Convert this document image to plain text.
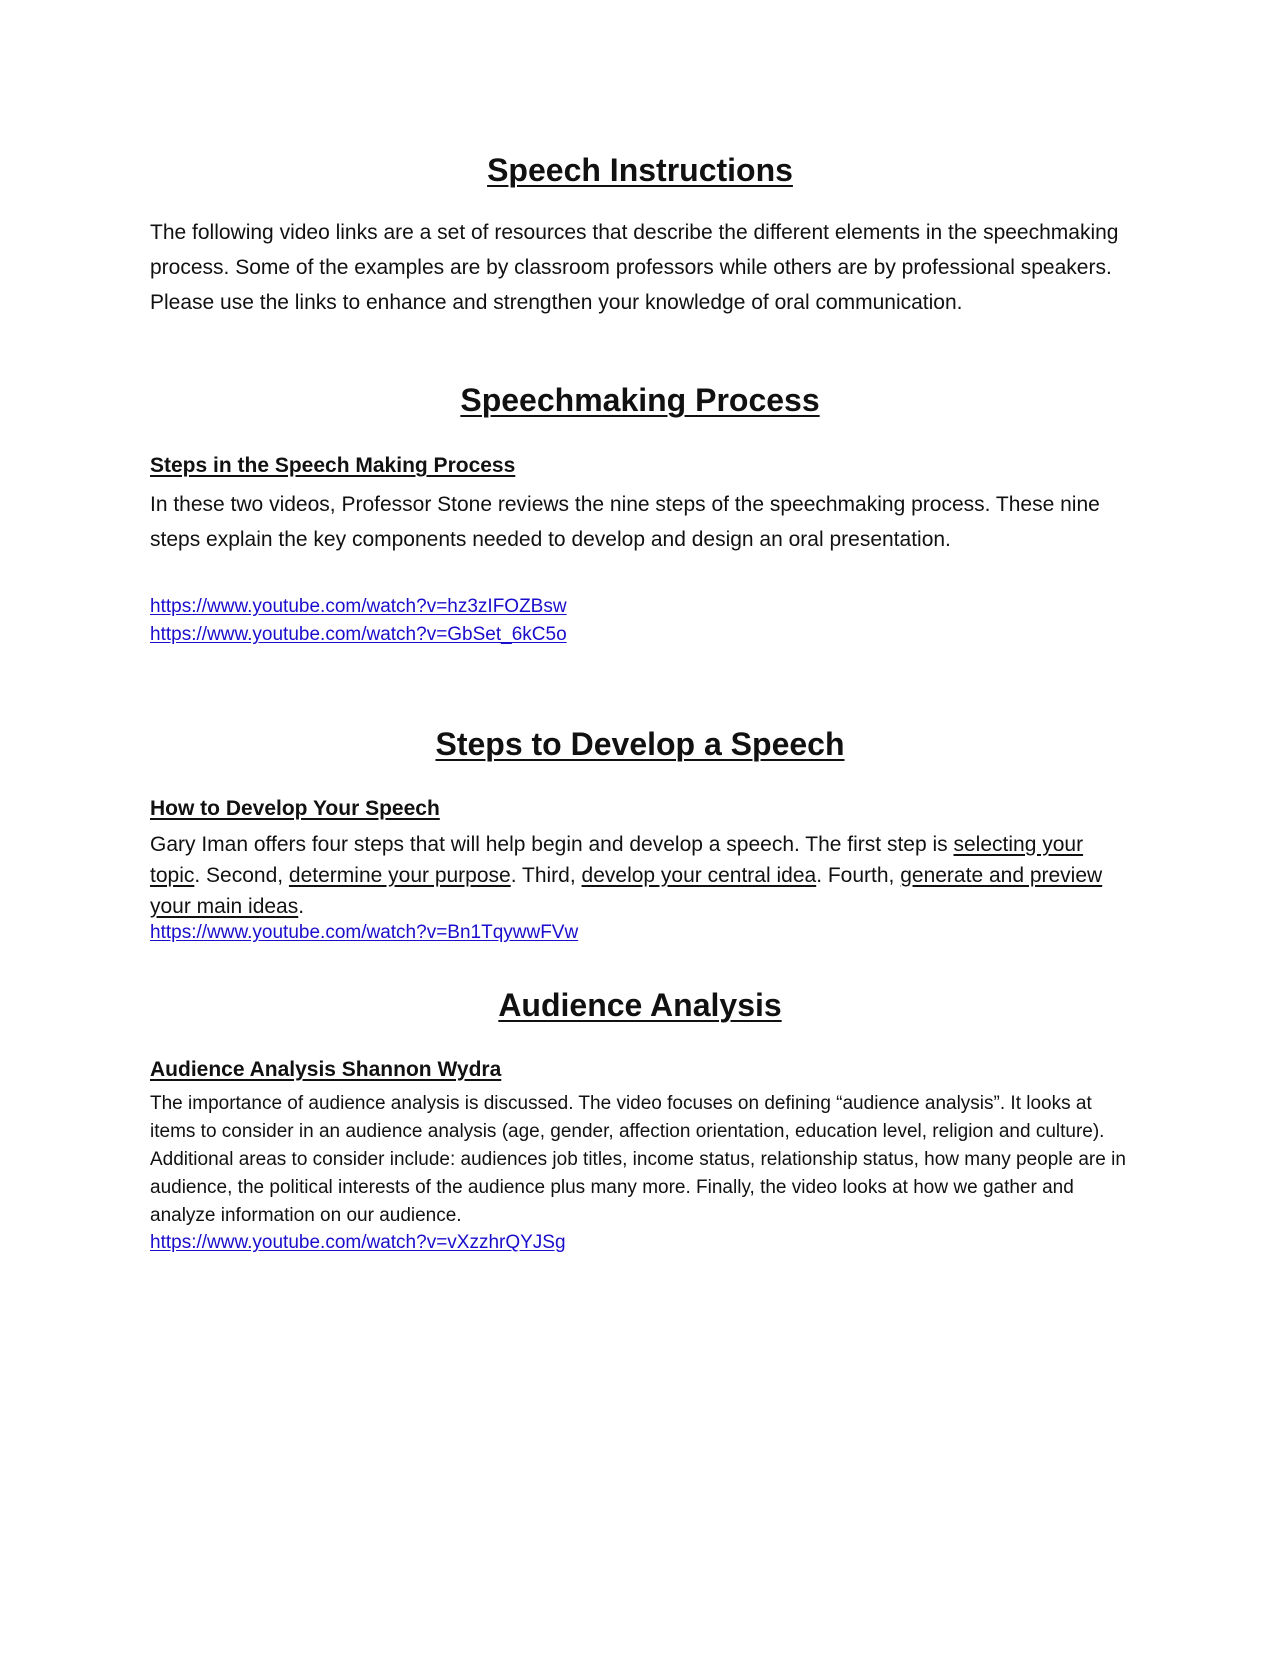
Speech Instructions

The following video links are a set of resources that describe the different elements in the speechmaking process. Some of the examples are by classroom professors while others are by professional speakers. Please use the links to enhance and strengthen your knowledge of oral communication.

Speechmaking Process

Steps in the Speech Making Process

In these two videos, Professor Stone reviews the nine steps of the speechmaking process. These nine steps explain the key components needed to develop and design an oral presentation.

https://www.youtube.com/watch?v=hz3zIFOZBsw
https://www.youtube.com/watch?v=GbSet_6kC5o
Steps to Develop a Speech

How to Develop Your Speech

Gary Iman offers four steps that will help begin and develop a speech. The first step is selecting your topic. Second, determine your purpose. Third, develop your central idea. Fourth, generate and preview your main ideas.

https://www.youtube.com/watch?v=Bn1TqywwFVw
Audience Analysis

Audience Analysis Shannon Wydra

The importance of audience analysis is discussed. The video focuses on defining “audience analysis”. It looks at items to consider in an audience analysis (age, gender, affection orientation, education level, religion and culture). Additional areas to consider include: audiences job titles, income status, relationship status, how many people are in audience, the political interests of the audience plus many more. Finally, the video looks at how we gather and analyze information on our audience.

https://www.youtube.com/watch?v=vXzzhrQYJSg
